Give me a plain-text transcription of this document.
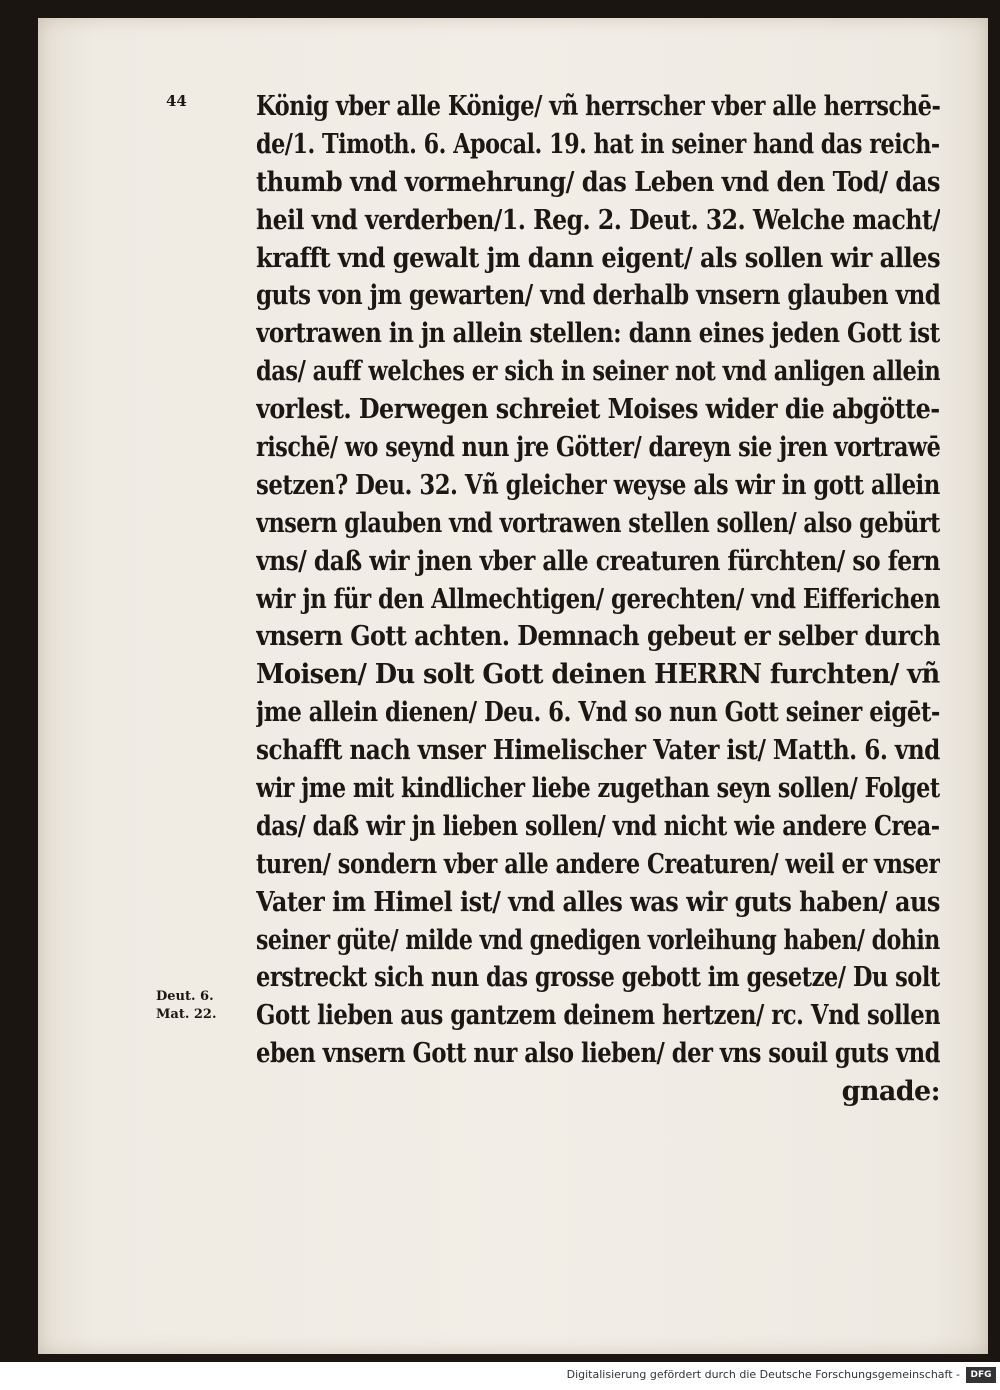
44
Deut. 6.
Mat. 22.
König vber alle Könige/ vñ herrscher vber alle herrschē-
de/1. Timoth. 6. Apocal. 19. hat in seiner hand das reich-
thumb vnd vormehrung/ das Leben vnd den Tod/ das
heil vnd verderben/1. Reg. 2. Deut. 32. Welche macht/
krafft vnd gewalt jm dann eigent/ als sollen wir alles
guts von jm gewarten/ vnd derhalb vnsern glauben vnd
vortrawen in jn allein stellen: dann eines jeden Gott ist
das/ auff welches er sich in seiner not vnd anligen allein
vorlest. Derwegen schreiet Moises wider die abgötte-
rischē/ wo seynd nun jre Götter/ dareyn sie jren vortrawē
setzen? Deu. 32. Vñ gleicher weyse als wir in gott allein
vnsern glauben vnd vortrawen stellen sollen/ also gebürt
vns/ daß wir jnen vber alle creaturen fürchten/ so fern
wir jn für den Allmechtigen/ gerechten/ vnd Eifferichen
vnsern Gott achten. Demnach gebeut er selber durch
Moisen/ Du solt Gott deinen HERRN furchten/ vñ
jme allein dienen/ Deu. 6. Vnd so nun Gott seiner eigēt-
schafft nach vnser Himelischer Vater ist/ Matth. 6. vnd
wir jme mit kindlicher liebe zugethan seyn sollen/ Folget
das/ daß wir jn lieben sollen/ vnd nicht wie andere Crea-
turen/ sondern vber alle andere Creaturen/ weil er vnser
Vater im Himel ist/ vnd alles was wir guts haben/ aus
seiner güte/ milde vnd gnedigen vorleihung haben/ dohin
erstreckt sich nun das grosse gebott im gesetze/ Du solt
Gott lieben aus gantzem deinem hertzen/ rc. Vnd sollen
eben vnsern Gott nur also lieben/ der vns souil guts vnd
gnade:
Digitalisierung gefördert durch die Deutsche Forschungsgemeinschaft -	DFG
